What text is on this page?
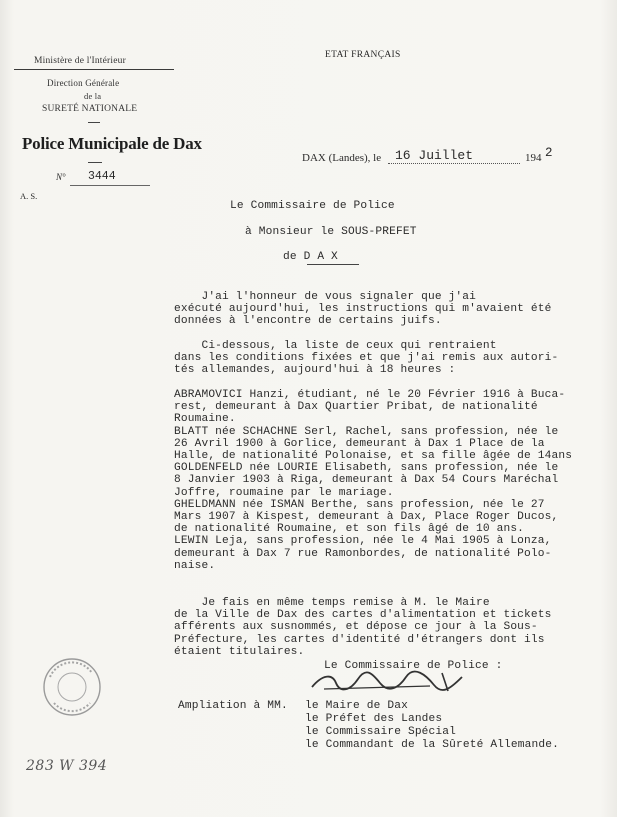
Ministère de l'Intérieur
Direction Générale
de la
SURETÉ NATIONALE
Police Municipale de Dax
N° 3444
A. S.
ETAT FRANÇAIS
DAX (Landes), le 16 Juillet	194 2
Le Commissaire de Police
à Monsieur le SOUS-PREFET
de D A X
J'ai l'honneur de vous signaler que j'ai
exécuté aujourd'hui, les instructions qui m'avaient été
données à l'encontre de certains juifs.
Ci-dessous, la liste de ceux qui rentraient
dans les conditions fixées et que j'ai remis aux autori-
tés allemandes, aujourd'hui à 18 heures :
ABRAMOVICI Hanzi, étudiant, né le 20 Février 1916 à Buca-
rest, demeurant à Dax Quartier Pribat, de nationalité
Roumaine.
BLATT née SCHACHNE Serl, Rachel, sans profession, née le
26 Avril 1900 à Gorlice, demeurant à Dax 1 Place de la
Halle, de nationalité Polonaise, et sa fille âgée de 14ans
GOLDENFELD née LOURIE Elisabeth, sans profession, née le
8 Janvier 1903 à Riga, demeurant à Dax 54 Cours Maréchal
Joffre, roumaine par le mariage.
GHELDMANN née ISMAN Berthe, sans profession, née le 27
Mars 1907 à Kispest, demeurant à Dax, Place Roger Ducos,
de nationalité Roumaine, et son fils âgé de 10 ans.
LEWIN Leja, sans profession, née le 4 Mai 1905 à Lonza,
demeurant à Dax 7 rue Ramonbordes, de nationalité Polo-
naise.
Je fais en même temps remise à M. le Maire
de la Ville de Dax des cartes d'alimentation et tickets
afférents aux susnommés, et dépose ce jour à la Sous-
Préfecture, les cartes d'identité d'étrangers dont ils
étaient titulaires.
Le Commissaire de Police :
Ampliation à MM. le Maire de Dax
le Préfet des Landes
le Commissaire Spécial
le Commandant de la Sûreté Allemande.
283 W 394
